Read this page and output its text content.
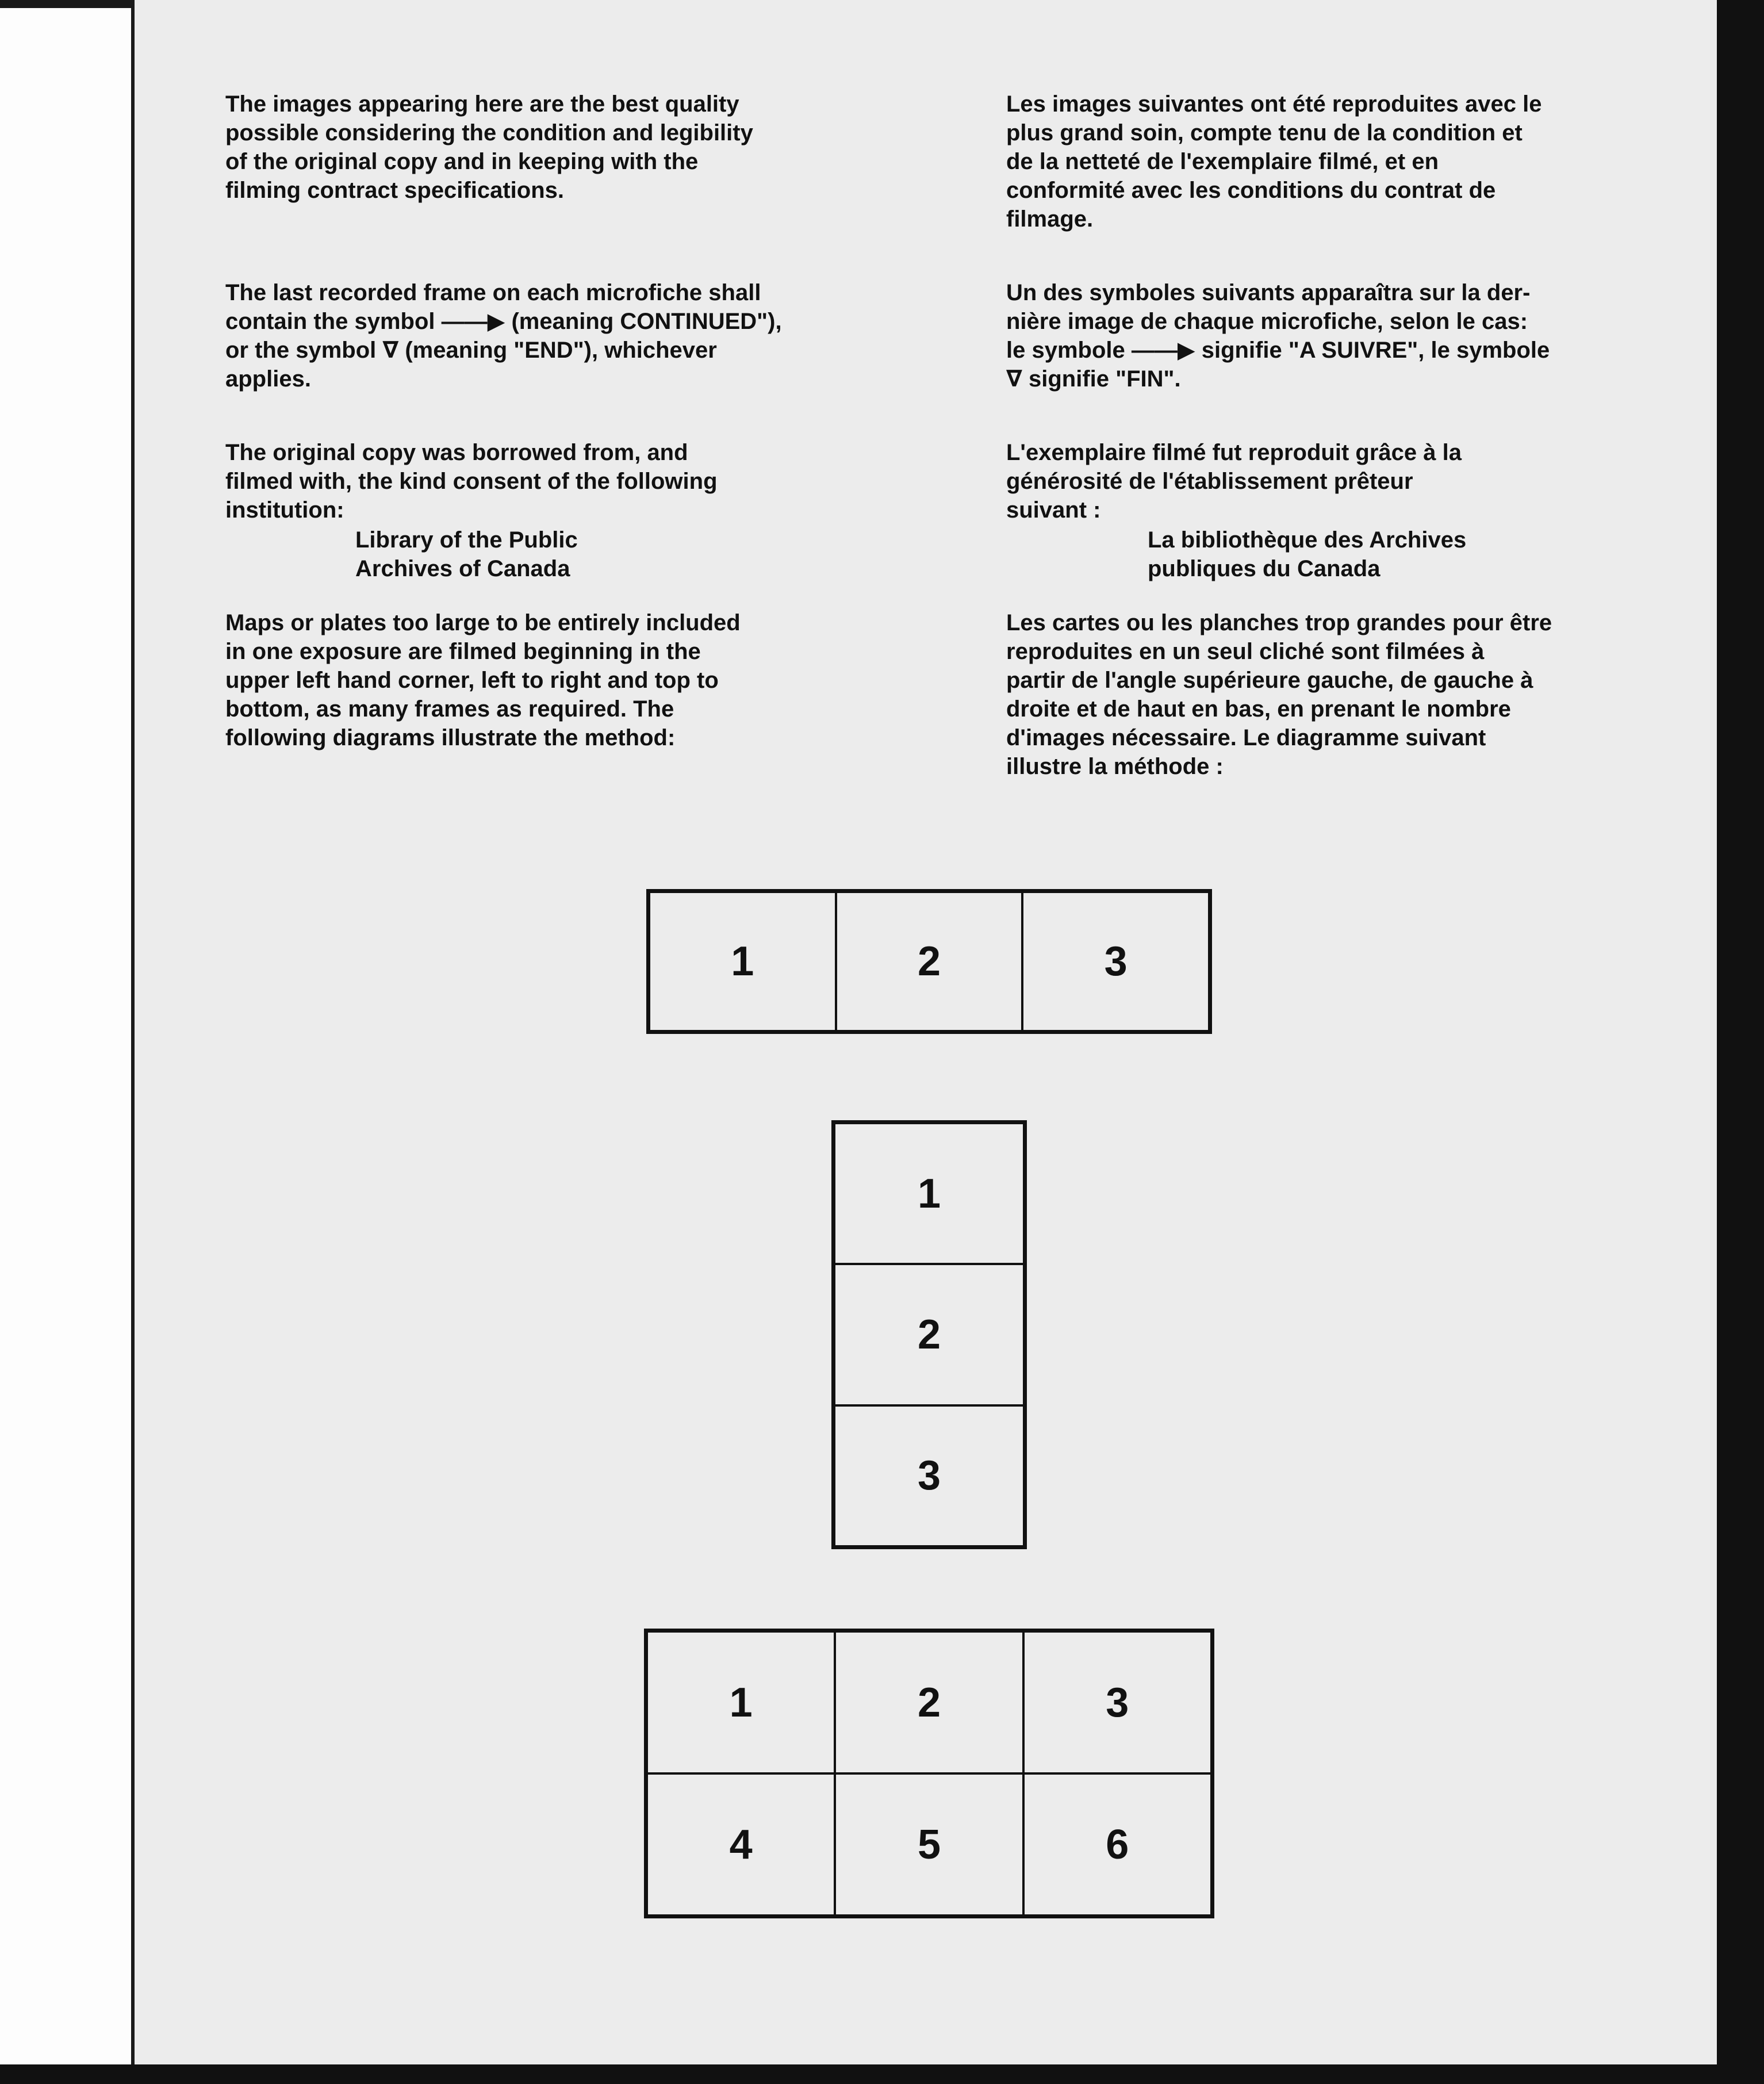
The images appearing here are the best quality
possible considering the condition and legibility
of the original copy and in keeping with the
filming contract specifications.

The last recorded frame on each microfiche shall
contain the symbol ——▶ (meaning CONTINUED"),
or the symbol ∇ (meaning "END"), whichever
applies.

The original copy was borrowed from, and
filmed with, the kind consent of the following
institution:

Library of the Public
Archives of Canada

Maps or plates too large to be entirely included
in one exposure are filmed beginning in the
upper left hand corner, left to right and top to
bottom, as many frames as required. The
following diagrams illustrate the method:

Les images suivantes ont été reproduites avec le
plus grand soin, compte tenu de la condition et
de la netteté de l'exemplaire filmé, et en
conformité avec les conditions du contrat de
filmage.

Un des symboles suivants apparaîtra sur la der-
nière image de chaque microfiche, selon le cas:
le symbole ——▶ signifie "A SUIVRE", le symbole
∇ signifie "FIN".

L'exemplaire filmé fut reproduit grâce à la
générosité de l'établissement prêteur
suivant :

La bibliothèque des Archives
publiques du Canada

Les cartes ou les planches trop grandes pour être
reproduites en un seul cliché sont filmées à
partir de l'angle supérieure gauche, de gauche à
droite et de haut en bas, en prenant le nombre
d'images nécessaire. Le diagramme suivant
illustre la méthode :

1	2	3
1
2
3
1	2	3
4	5	6
